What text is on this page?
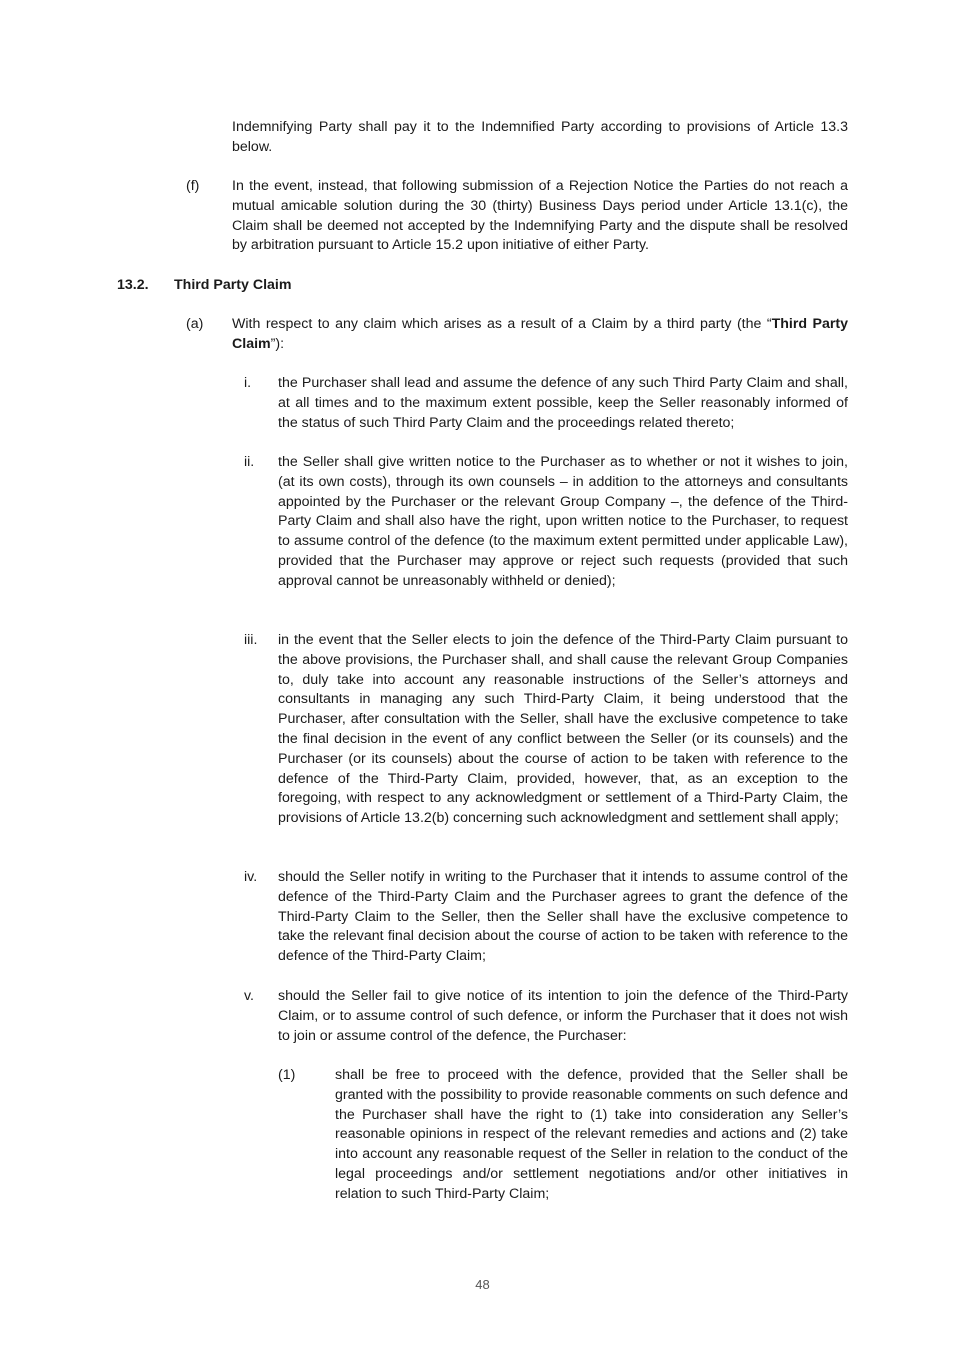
Indemnifying Party shall pay it to the Indemnified Party according to provisions of Article 13.3 below.
(f) In the event, instead, that following submission of a Rejection Notice the Parties do not reach a mutual amicable solution during the 30 (thirty) Business Days period under Article 13.1(c), the Claim shall be deemed not accepted by the Indemnifying Party and the dispute shall be resolved by arbitration pursuant to Article 15.2 upon initiative of either Party.
13.2. Third Party Claim
(a) With respect to any claim which arises as a result of a Claim by a third party (the “Third Party Claim”):
i. the Purchaser shall lead and assume the defence of any such Third Party Claim and shall, at all times and to the maximum extent possible, keep the Seller reasonably informed of the status of such Third Party Claim and the proceedings related thereto;
ii. the Seller shall give written notice to the Purchaser as to whether or not it wishes to join, (at its own costs), through its own counsels – in addition to the attorneys and consultants appointed by the Purchaser or the relevant Group Company –, the defence of the Third-Party Claim and shall also have the right, upon written notice to the Purchaser, to request to assume control of the defence (to the maximum extent permitted under applicable Law), provided that the Purchaser may approve or reject such requests (provided that such approval cannot be unreasonably withheld or denied);
iii. in the event that the Seller elects to join the defence of the Third-Party Claim pursuant to the above provisions, the Purchaser shall, and shall cause the relevant Group Companies to, duly take into account any reasonable instructions of the Seller’s attorneys and consultants in managing any such Third-Party Claim, it being understood that the Purchaser, after consultation with the Seller, shall have the exclusive competence to take the final decision in the event of any conflict between the Seller (or its counsels) and the Purchaser (or its counsels) about the course of action to be taken with reference to the defence of the Third-Party Claim, provided, however, that, as an exception to the foregoing, with respect to any acknowledgment or settlement of a Third-Party Claim, the provisions of Article 13.2(b) concerning such acknowledgment and settlement shall apply;
iv. should the Seller notify in writing to the Purchaser that it intends to assume control of the defence of the Third-Party Claim and the Purchaser agrees to grant the defence of the Third-Party Claim to the Seller, then the Seller shall have the exclusive competence to take the relevant final decision about the course of action to be taken with reference to the defence of the Third-Party Claim;
v. should the Seller fail to give notice of its intention to join the defence of the Third-Party Claim, or to assume control of such defence, or inform the Purchaser that it does not wish to join or assume control of the defence, the Purchaser:
(1)	shall be free to proceed with the defence, provided that the Seller shall be granted with the possibility to provide reasonable comments on such defence and the Purchaser shall have the right to (1) take into consideration any Seller’s reasonable opinions in respect of the relevant remedies and actions and (2) take into account any reasonable request of the Seller in relation to the conduct of the legal proceedings and/or settlement negotiations and/or other initiatives in relation to such Third-Party Claim;
48
